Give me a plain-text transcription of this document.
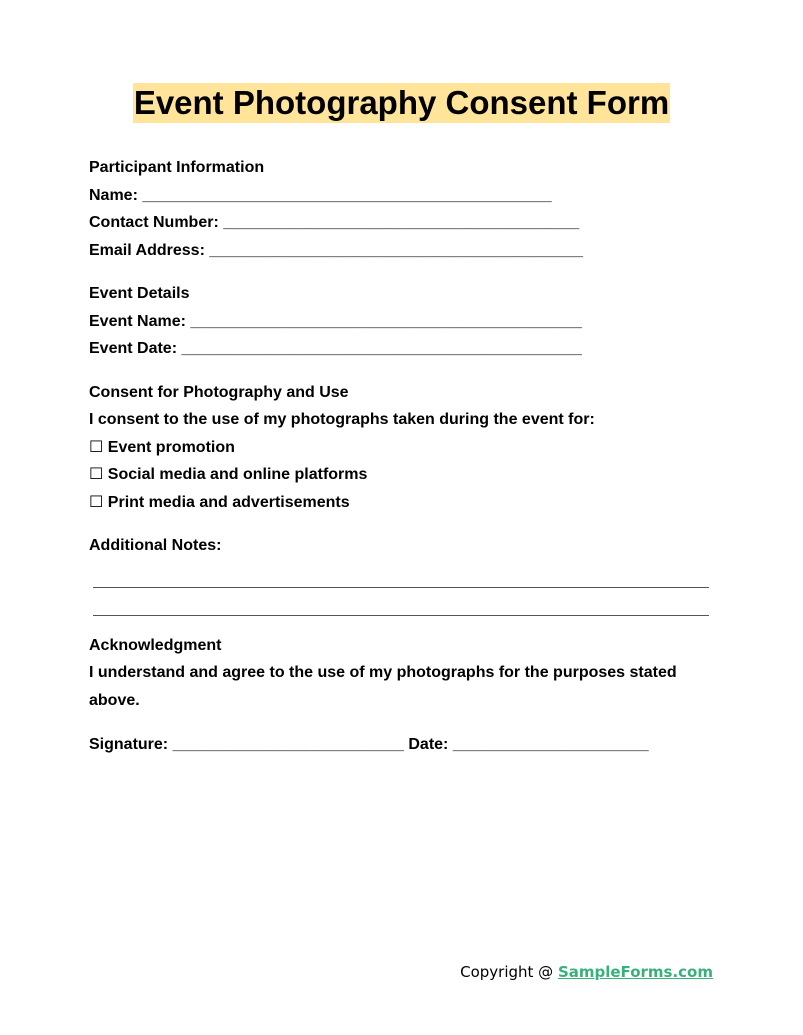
Event Photography Consent Form
Participant Information
Name: ______________________________________________
Contact Number: ________________________________________
Email Address: __________________________________________
Event Details
Event Name: ____________________________________________
Event Date: _____________________________________________
Consent for Photography and Use
I consent to the use of my photographs taken during the event for:
☐ Event promotion
☐ Social media and online platforms
☐ Print media and advertisements
Additional Notes:
Acknowledgment
I understand and agree to the use of my photographs for the purposes stated above.
Signature: __________________________ Date: ______________________
Copyright @ SampleForms.com
